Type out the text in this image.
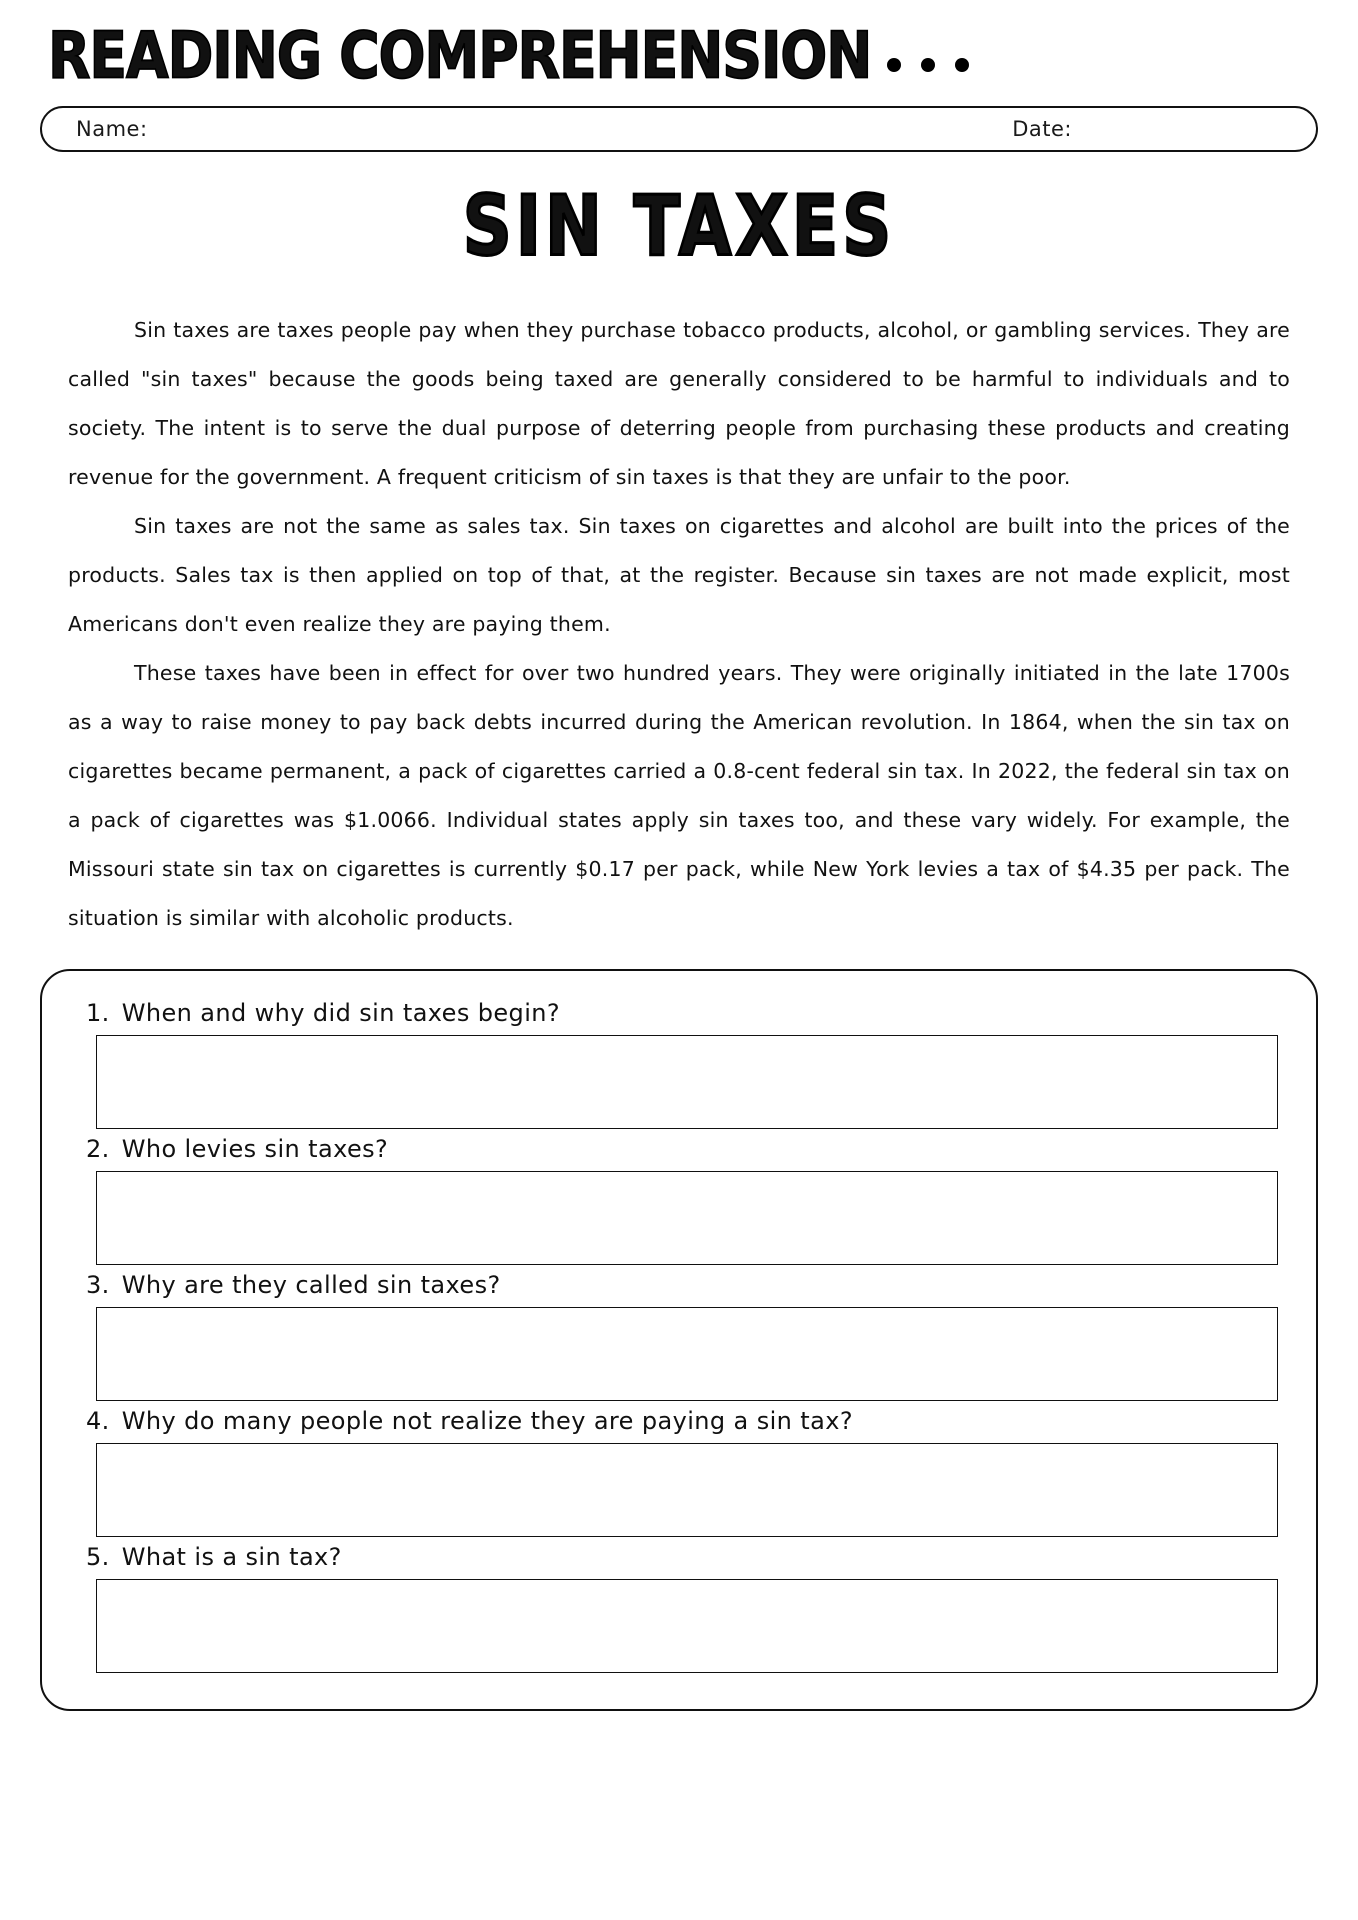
READING COMPREHENSION
Name:	Date:
SIN TAXES

Sin taxes are taxes people pay when they purchase tobacco products, alcohol, or gambling services. They are called "sin taxes" because the goods being taxed are generally considered to be harmful to individuals and to society. The intent is to serve the dual purpose of deterring people from purchasing these products and creating revenue for the government. A frequent criticism of sin taxes is that they are unfair to the poor.

Sin taxes are not the same as sales tax. Sin taxes on cigarettes and alcohol are built into the prices of the products. Sales tax is then applied on top of that, at the register. Because sin taxes are not made explicit, most Americans don't even realize they are paying them.

These taxes have been in effect for over two hundred years. They were originally initiated in the late 1700s as a way to raise money to pay back debts incurred during the American revolution. In 1864, when the sin tax on cigarettes became permanent, a pack of cigarettes carried a 0.8-cent federal sin tax. In 2022, the federal sin tax on a pack of cigarettes was $1.0066. Individual states apply sin taxes too, and these vary widely. For example, the Missouri state sin tax on cigarettes is currently $0.17 per pack, while New York levies a tax of $4.35 per pack. The situation is similar with alcoholic products.

1. When and why did sin taxes begin?
2. Who levies sin taxes?
3. Why are they called sin taxes?
4. Why do many people not realize they are paying a sin tax?
5. What is a sin tax?
